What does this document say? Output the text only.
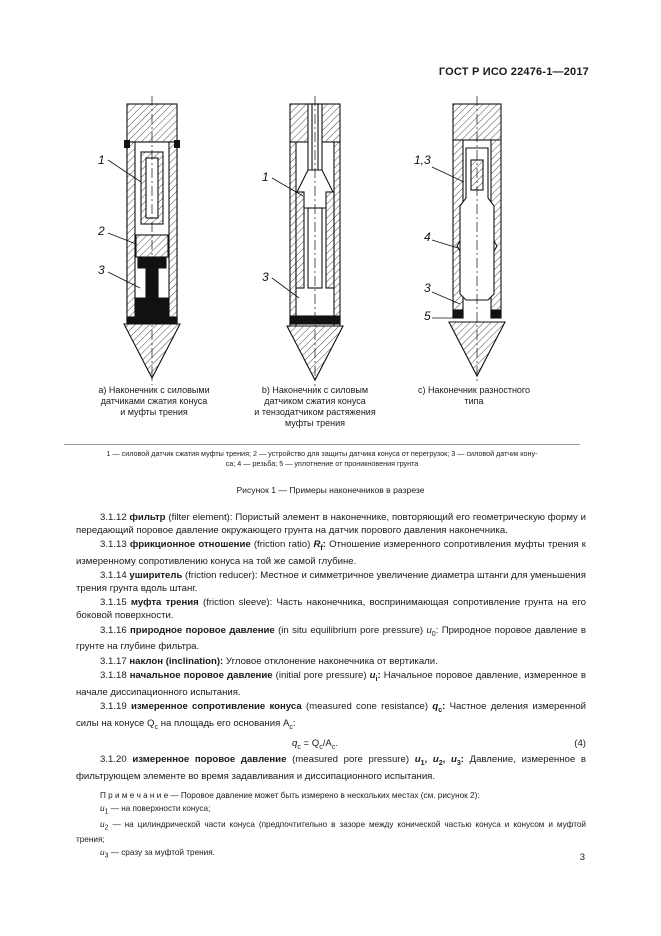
ГОСТ Р ИСО 22476-1—2017
1
2
3
1
3
1,3
4
3
5
a) Наконечник с силовыми
датчиками сжатия конуса
и муфты трения
b) Наконечник с силовым
датчиком сжатия конуса
и тензодатчиком растяжения
муфты трения
c) Наконечник разностного
типа
1 — силовой датчик сжатия муфты трения; 2 — устройство для защиты датчика конуса от перегрузок; 3 — силовой датчик кону-
са; 4 — резьба; 5 — уплотнение от проникновения грунта
Рисунок 1 — Примеры наконечников в разрезе

3.1.12 фильтр (filter element): Пористый элемент в наконечнике, повторяющий его геометрическую форму и передающий поровое давление окружающего грунта на датчик порового давления наконечника.

3.1.13 фрикционное отношение (friction ratio) $R_f$: Отношение измеренного сопротивления муфты трения к измеренному сопротивлению конуса на той же самой глубине.

3.1.14 уширитель (friction reducer): Местное и симметричное увеличение диаметра штанги для уменьшения трения грунта вдоль штанг.

3.1.15 муфта трения (friction sleeve): Часть наконечника, воспринимающая сопротивление грунта на его боковой поверхности.

3.1.16 природное поровое давление (in situ equilibrium pore pressure) $u_0$: Природное поровое давление в грунте на глубине фильтра.

3.1.17 наклон (inclination): Угловое отклонение наконечника от вертикали.

3.1.18 начальное поровое давление (initial pore pressure) $u_i$: Начальное поровое давление, измеренное в начале диссипационного испытания.

3.1.19 измеренное сопротивление конуса (measured cone resistance) $q_c$: Частное деления измеренной силы на конусе $Q_c$ на площадь его основания $A_c$:

$q_c = Q_c/A_c$.	(4)

3.1.20 измеренное поровое давление (measured pore pressure) $u_1$, $u_2$, $u_3$: Давление, измеренное в фильтрующем элементе во время задавливания и диссипационного испытания.

П р и м е ч а н и е — Поровое давление может быть измерено в нескольких местах (см. рисунок 2):

$u_1$ — на поверхности конуса;

$u_2$ — на цилиндрической части конуса (предпочтительно в зазоре между конической частью конуса и конусом и муфтой трения;

$u_3$ — сразу за муфтой трения.	3
